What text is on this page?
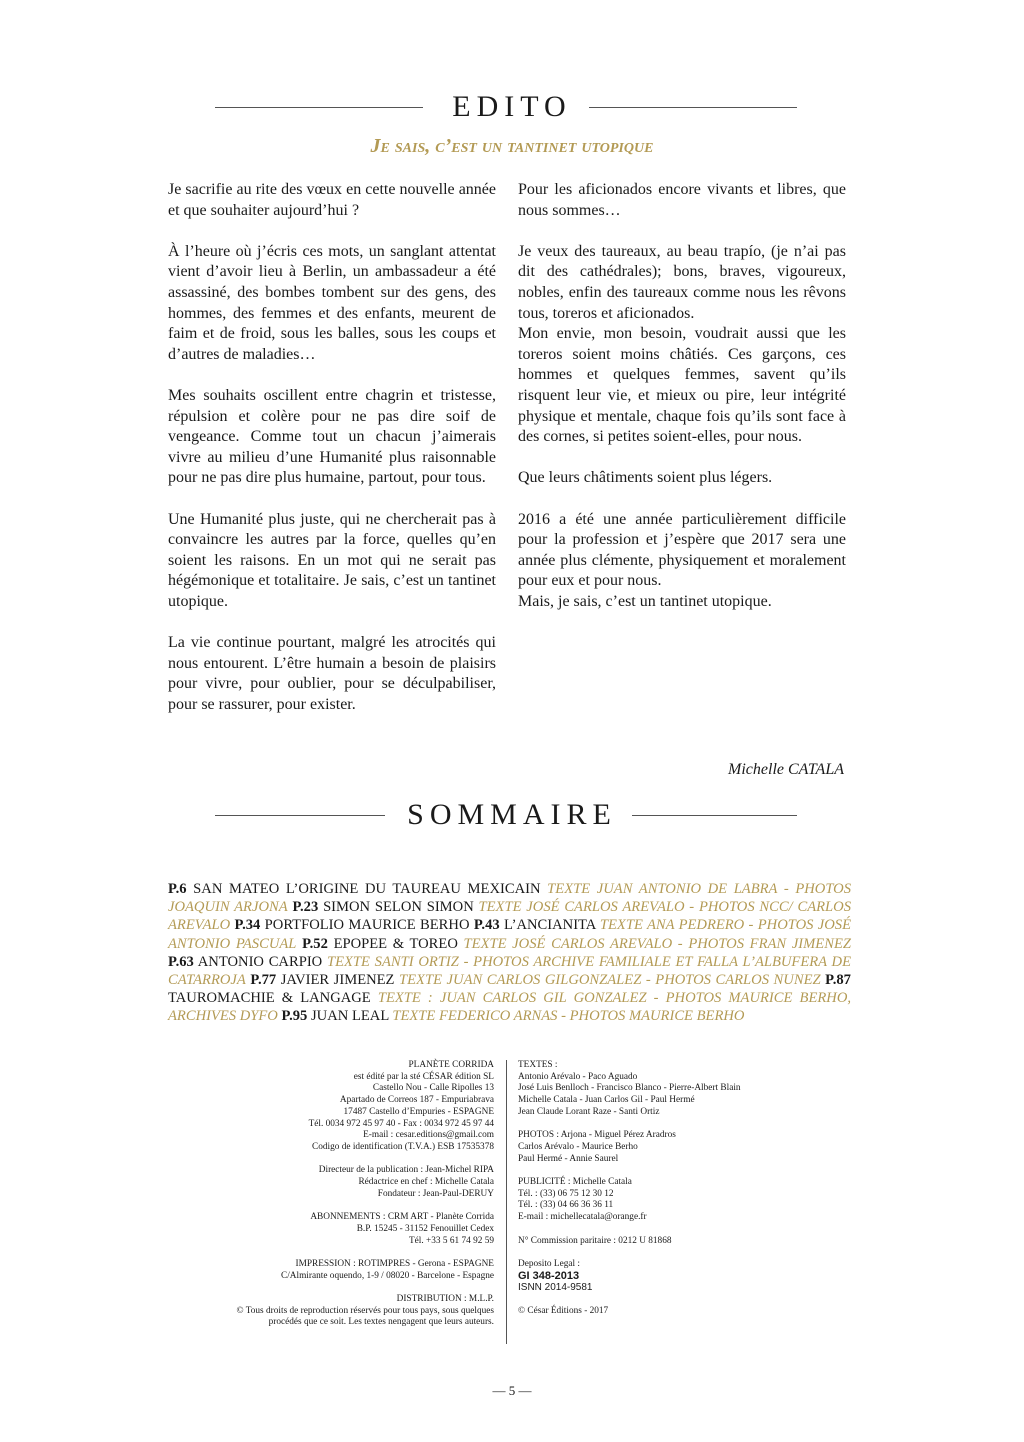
EDITO
Je sais, c’est un tantinet utopique

Je sacrifie au rite des vœux en cette nouvelle année et que souhaiter aujourd’hui ?

À l’heure où j’écris ces mots, un sanglant attentat vient d’avoir lieu à Berlin, un ambassadeur a été assassiné, des bombes tombent sur des gens, des hommes, des femmes et des enfants, meurent de faim et de froid, sous les balles, sous les coups et d’autres de maladies…

Mes souhaits oscillent entre chagrin et tristesse, répulsion et colère pour ne pas dire soif de vengeance. Comme tout un chacun j’aimerais vivre au milieu d’une Humanité plus raisonnable pour ne pas dire plus humaine, partout, pour tous.

Une Humanité plus juste, qui ne chercherait pas à convaincre les autres par la force, quelles qu’en soient les raisons. En un mot qui ne serait pas hégémonique et totalitaire. Je sais, c’est un tantinet utopique.

La vie continue pourtant, malgré les atrocités qui nous entourent. L’être humain a besoin de plaisirs pour vivre, pour oublier, pour se déculpabiliser, pour se rassurer, pour exister.

Pour les aficionados encore vivants et libres, que nous sommes…

Je veux des taureaux, au beau trapío, (je n’ai pas dit des cathédrales); bons, braves, vigoureux, nobles, enfin des taureaux comme nous les rêvons tous, toreros et aficionados.

Mon envie, mon besoin, voudrait aussi que les toreros soient moins châtiés. Ces garçons, ces hommes et quelques femmes, savent qu’ils risquent leur vie, et mieux ou pire, leur intégrité physique et mentale, chaque fois qu’ils sont face à des cornes, si petites soient-elles, pour nous.

Que leurs châtiments soient plus légers.

2016 a été une année particulièrement difficile pour la profession et j’espère que 2017 sera une année plus clémente, physiquement et moralement pour eux et pour nous.

Mais, je sais, c’est un tantinet utopique.

Michelle CATALA
SOMMAIRE
P.6 SAN MATEO L’ORIGINE DU TAUREAU MEXICAIN TEXTE JUAN ANTONIO DE LABRA - PHOTOS JOAQUIN ARJONA P.23 SIMON SELON SIMON TEXTE JOSÉ CARLOS AREVALO - PHOTOS NCC/ CARLOS AREVALO P.34 PORTFOLIO MAURICE BERHO P.43 L’ANCIANITA TEXTE ANA PEDRERO - PHOTOS JOSÉ ANTONIO PASCUAL P.52 EPOPEE & TOREO TEXTE JOSÉ CARLOS AREVALO - PHOTOS FRAN JIMENEZ P.63 ANTONIO CARPIO TEXTE SANTI ORTIZ - PHOTOS ARCHIVE FAMILIALE ET FALLA L’ALBUFERA DE CATARROJA P.77 JAVIER JIMENEZ TEXTE JUAN CARLOS GILGONZALEZ - PHOTOS CARLOS NUNEZ P.87 TAUROMACHIE & LANGAGE TEXTE : JUAN CARLOS GIL GONZALEZ - PHOTOS MAURICE BERHO, ARCHIVES DYFO P.95 JUAN LEAL TEXTE FEDERICO ARNAS - PHOTOS MAURICE BERHO
PLANÈTE CORRIDA
est édité par la sté CÉSAR édition SL
Castello Nou - Calle Ripolles 13
Apartado de Correos 187 - Empuriabrava
17487 Castello d’Empuries - ESPAGNE
Tél. 0034 972 45 97 40 - Fax : 0034 972 45 97 44
E-mail : cesar.editions@gmail.com
Codigo de identification (T.V.A.) ESB 17535378
Directeur de la publication : Jean-Michel RIPA
Rédactrice en chef : Michelle Catala
Fondateur : Jean-Paul-DERUY
ABONNEMENTS : CRM ART - Planète Corrida
B.P. 15245 - 31152 Fenouillet Cedex
Tél. +33 5 61 74 92 59
IMPRESSION : ROTIMPRES - Gerona - ESPAGNE
C/Almirante oquendo, 1-9 / 08020 - Barcelone - Espagne
DISTRIBUTION : M.L.P.
© Tous droits de reproduction réservés pour tous pays, sous quelques
procédés que ce soit. Les textes nengagent que leurs auteurs.
TEXTES :
Antonio Arévalo - Paco Aguado
José Luis Benlloch - Francisco Blanco - Pierre-Albert Blain
Michelle Catala - Juan Carlos Gil - Paul Hermé
Jean Claude Lorant Raze - Santi Ortiz
PHOTOS : Arjona - Miguel Pérez Aradros
Carlos Arévalo - Maurice Berho
Paul Hermé - Annie Saurel
PUBLICITÉ : Michelle Catala
Tél. : (33) 06 75 12 30 12
Tél. : (33) 04 66 36 36 11
E-mail : michellecatala@orange.fr
N° Commission paritaire : 0212 U 81868
Deposito Legal :
GI 348-2013
ISNN 2014-9581
© César Éditions - 2017
— 5 —
